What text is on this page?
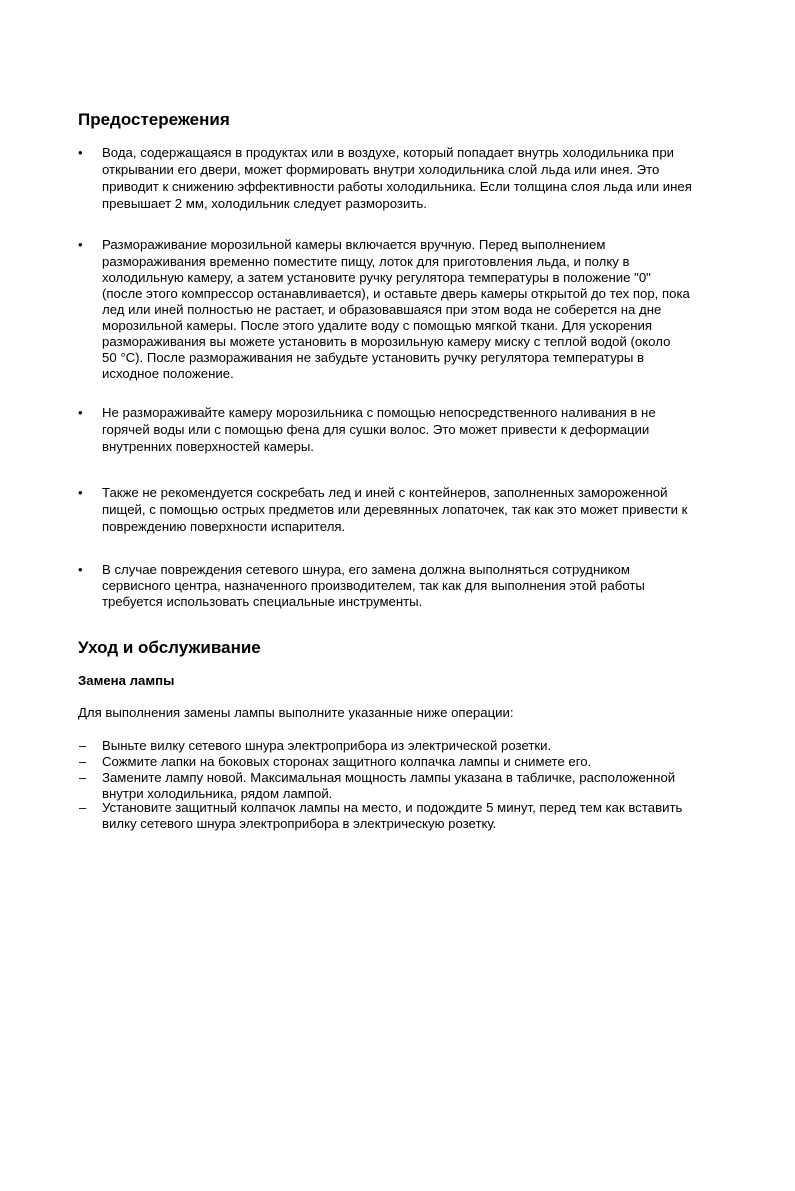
Предостережения
• Вода, содержащаяся в продуктах или в воздухе, который попадает внутрь холодильника при
открывании его двери, может формировать внутри холодильника слой льда или инея. Это
приводит к снижению эффективности работы холодильника. Если толщина слоя льда или инея
превышает 2 мм, холодильник следует разморозить.
• Размораживание морозильной камеры включается вручную. Перед выполнением
размораживания временно поместите пищу, лоток для приготовления льда, и полку в
холодильную камеру, а затем установите ручку регулятора температуры в положение "0"
(после этого компрессор останавливается), и оставьте дверь камеры открытой до тех пор, пока
лед или иней полностью не растает, и образовавшаяся при этом вода не соберется на дне
морозильной камеры. После этого удалите воду с помощью мягкой ткани. Для ускорения
размораживания вы можете установить в морозильную камеру миску с теплой водой (около
50 °C). После размораживания не забудьте установить ручку регулятора температуры в
исходное положение.
• Не размораживайте камеру морозильника с помощью непосредственного наливания в не
горячей воды или с помощью фена для сушки волос. Это может привести к деформации
внутренних поверхностей камеры.
• Также не рекомендуется соскребать лед и иней с контейнеров, заполненных замороженной
пищей, с помощью острых предметов или деревянных лопаточек, так как это может привести к
повреждению поверхности испарителя.
• В случае повреждения сетевого шнура, его замена должна выполняться сотрудником
сервисного центра, назначенного производителем, так как для выполнения этой работы
требуется использовать специальные инструменты.
Уход и обслуживание
Замена лампы

Для выполнения замены лампы выполните указанные ниже операции:

– Выньте вилку сетевого шнура электроприбора из электрической розетки.
– Сожмите лапки на боковых сторонах защитного колпачка лампы и снимете его.
– Замените лампу новой. Максимальная мощность лампы указана в табличке, расположенной
внутри холодильника, рядом лампой.
– Установите защитный колпачок лампы на место, и подождите 5 минут, перед тем как вставить
вилку сетевого шнура электроприбора в электрическую розетку.
